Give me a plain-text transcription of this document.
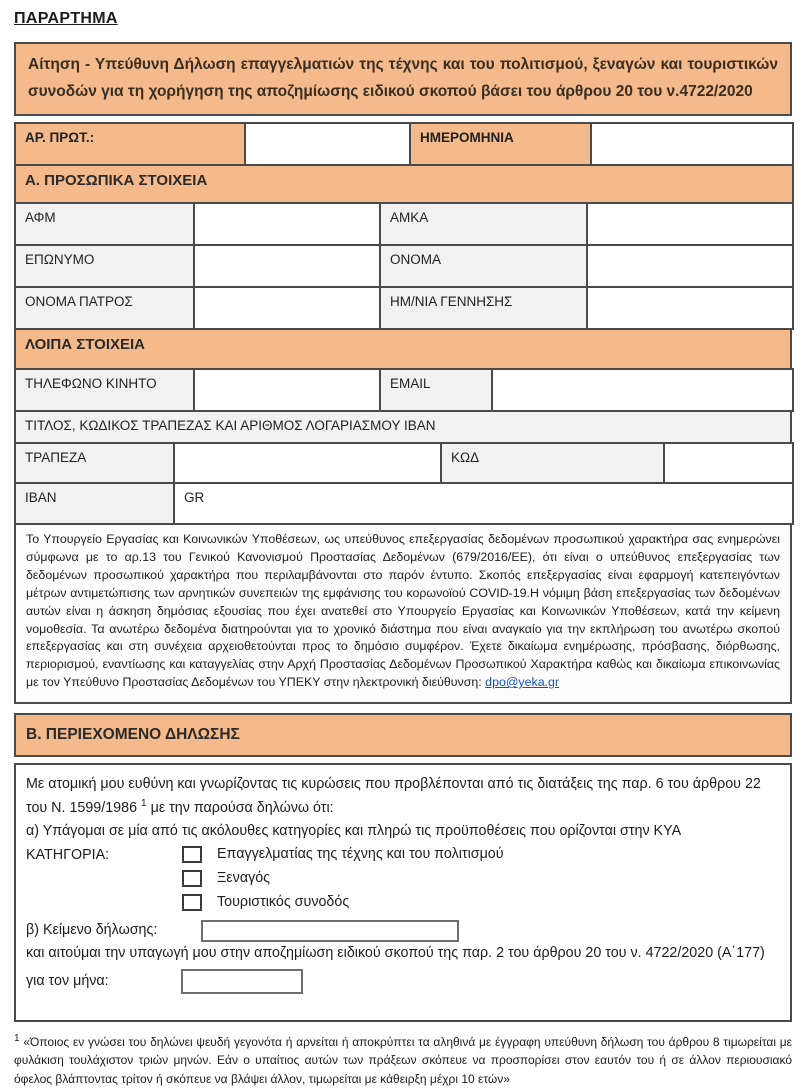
ΠΑΡΑΡΤΗΜΑ
Αίτηση - Υπεύθυνη Δήλωση επαγγελματιών της τέχνης και του πολιτισμού, ξεναγών και τουριστικών συνοδών για τη χορήγηση της αποζημίωσης ειδικού σκοπού βάσει του άρθρου 20 του ν.4722/2020
ΑΡ. ΠΡΩΤ.:		ΗΜΕΡΟΜΗΝΙΑ	
Α. ΠΡΟΣΩΠΙΚΑ ΣΤΟΙΧΕΙΑ			
ΑΦΜ		ΑΜΚΑ	
ΕΠΩΝΥΜΟ		ΟΝΟΜΑ	
ΟΝΟΜΑ ΠΑΤΡΟΣ		ΗΜ/ΝΙΑ ΓΕΝΝΗΣΗΣ	
ΛΟΙΠΑ ΣΤΟΙΧΕΙΑ
ΤΗΛΕΦΩΝΟ ΚΙΝΗΤΟ		EMAIL	
ΤΙΤΛΟΣ, ΚΩΔΙΚΟΣ ΤΡΑΠΕΖΑΣ ΚΑΙ ΑΡΙΘΜΟΣ ΛΟΓΑΡΙΑΣΜΟΥ IBAN
ΤΡΑΠΕΖΑ		ΚΩΔ	
IBAN	GR
Το Υπουργείο Εργασίας και Κοινωνικών Υποθέσεων, ως υπεύθυνος επεξεργασίας δεδομένων προσωπικού χαρακτήρα σας ενημερώνει σύμφωνα με το αρ.13 του Γενικού Κανονισμού Προστασίας Δεδομένων (679/2016/ΕΕ), ότι είναι ο υπεύθυνος επεξεργασίας των δεδομένων προσωπικού χαρακτήρα που περιλαμβάνονται στο παρόν έντυπο. Σκοπός επεξεργασίας είναι εφαρμογή κατεπειγόντων μέτρων αντιμετώπισης των αρνητικών συνεπειών της εμφάνισης του κορωνοϊού COVID-19.Η νόμιμη βάση επεξεργασίας των δεδομένων αυτών είναι η άσκηση δημόσιας εξουσίας που έχει ανατεθεί στο Υπουργείο Εργασίας και Κοινωνικών Υποθέσεων, κατά την κείμενη νομοθεσία. Τα ανωτέρω δεδομένα διατηρούνται για το χρονικό διάστημα που είναι αναγκαίο για την εκπλήρωση του ανωτέρω σκοπού επεξεργασίας και στη συνέχεια αρχειοθετούνται προς το δημόσιο συμφέρον. Έχετε δικαίωμα ενημέρωσης, πρόσβασης, διόρθωσης, περιορισμού, εναντίωσης και καταγγελίας στην Αρχή Προστασίας Δεδομένων Προσωπικού Χαρακτήρα καθώς και δικαίωμα επικοινωνίας με τον Υπεύθυνο Προστασίας Δεδομένων του ΥΠΕΚΥ στην ηλεκτρονική διεύθυνση: dpo@yeka.gr
Β. ΠΕΡΙΕΧΟΜΕΝΟ ΔΗΛΩΣΗΣ

Με ατομική μου ευθύνη και γνωρίζοντας τις κυρώσεις που προβλέπονται από τις διατάξεις της παρ. 6 του άρθρου 22 του Ν. 1599/1986 $^1$ με την παρούσα δηλώνω ότι:

α) Υπάγομαι σε μία από τις ακόλουθες κατηγορίες και πληρώ τις προϋποθέσεις που ορίζονται στην ΚΥΑ

ΚΑΤΗΓΟΡΙΑ:	Επαγγελματίας της τέχνης και του πολιτισμού
Ξεναγός
Τουριστικός συνοδός
β) Κείμενο δήλωσης:

και αιτούμαι την υπαγωγή μου στην αποζημίωση ειδικού σκοπού της παρ. 2 του άρθρου 20 του ν. 4722/2020 (Α΄177)

για τον μήνα:
$^1$ «Όποιος εν γνώσει του δηλώνει ψευδή γεγονότα ή αρνείται ή αποκρύπτει τα αληθινά με έγγραφη υπεύθυνη δήλωση του άρθρου 8 τιμωρείται με φυλάκιση τουλάχιστον τριών μηνών. Εάν ο υπαίτιος αυτών των πράξεων σκόπευε να προσπορίσει στον εαυτόν του ή σε άλλον περιουσιακό όφελος βλάπτοντας τρίτον ή σκόπευε να βλάψει άλλον, τιμωρείται με κάθειρξη μέχρι 10 ετών»
